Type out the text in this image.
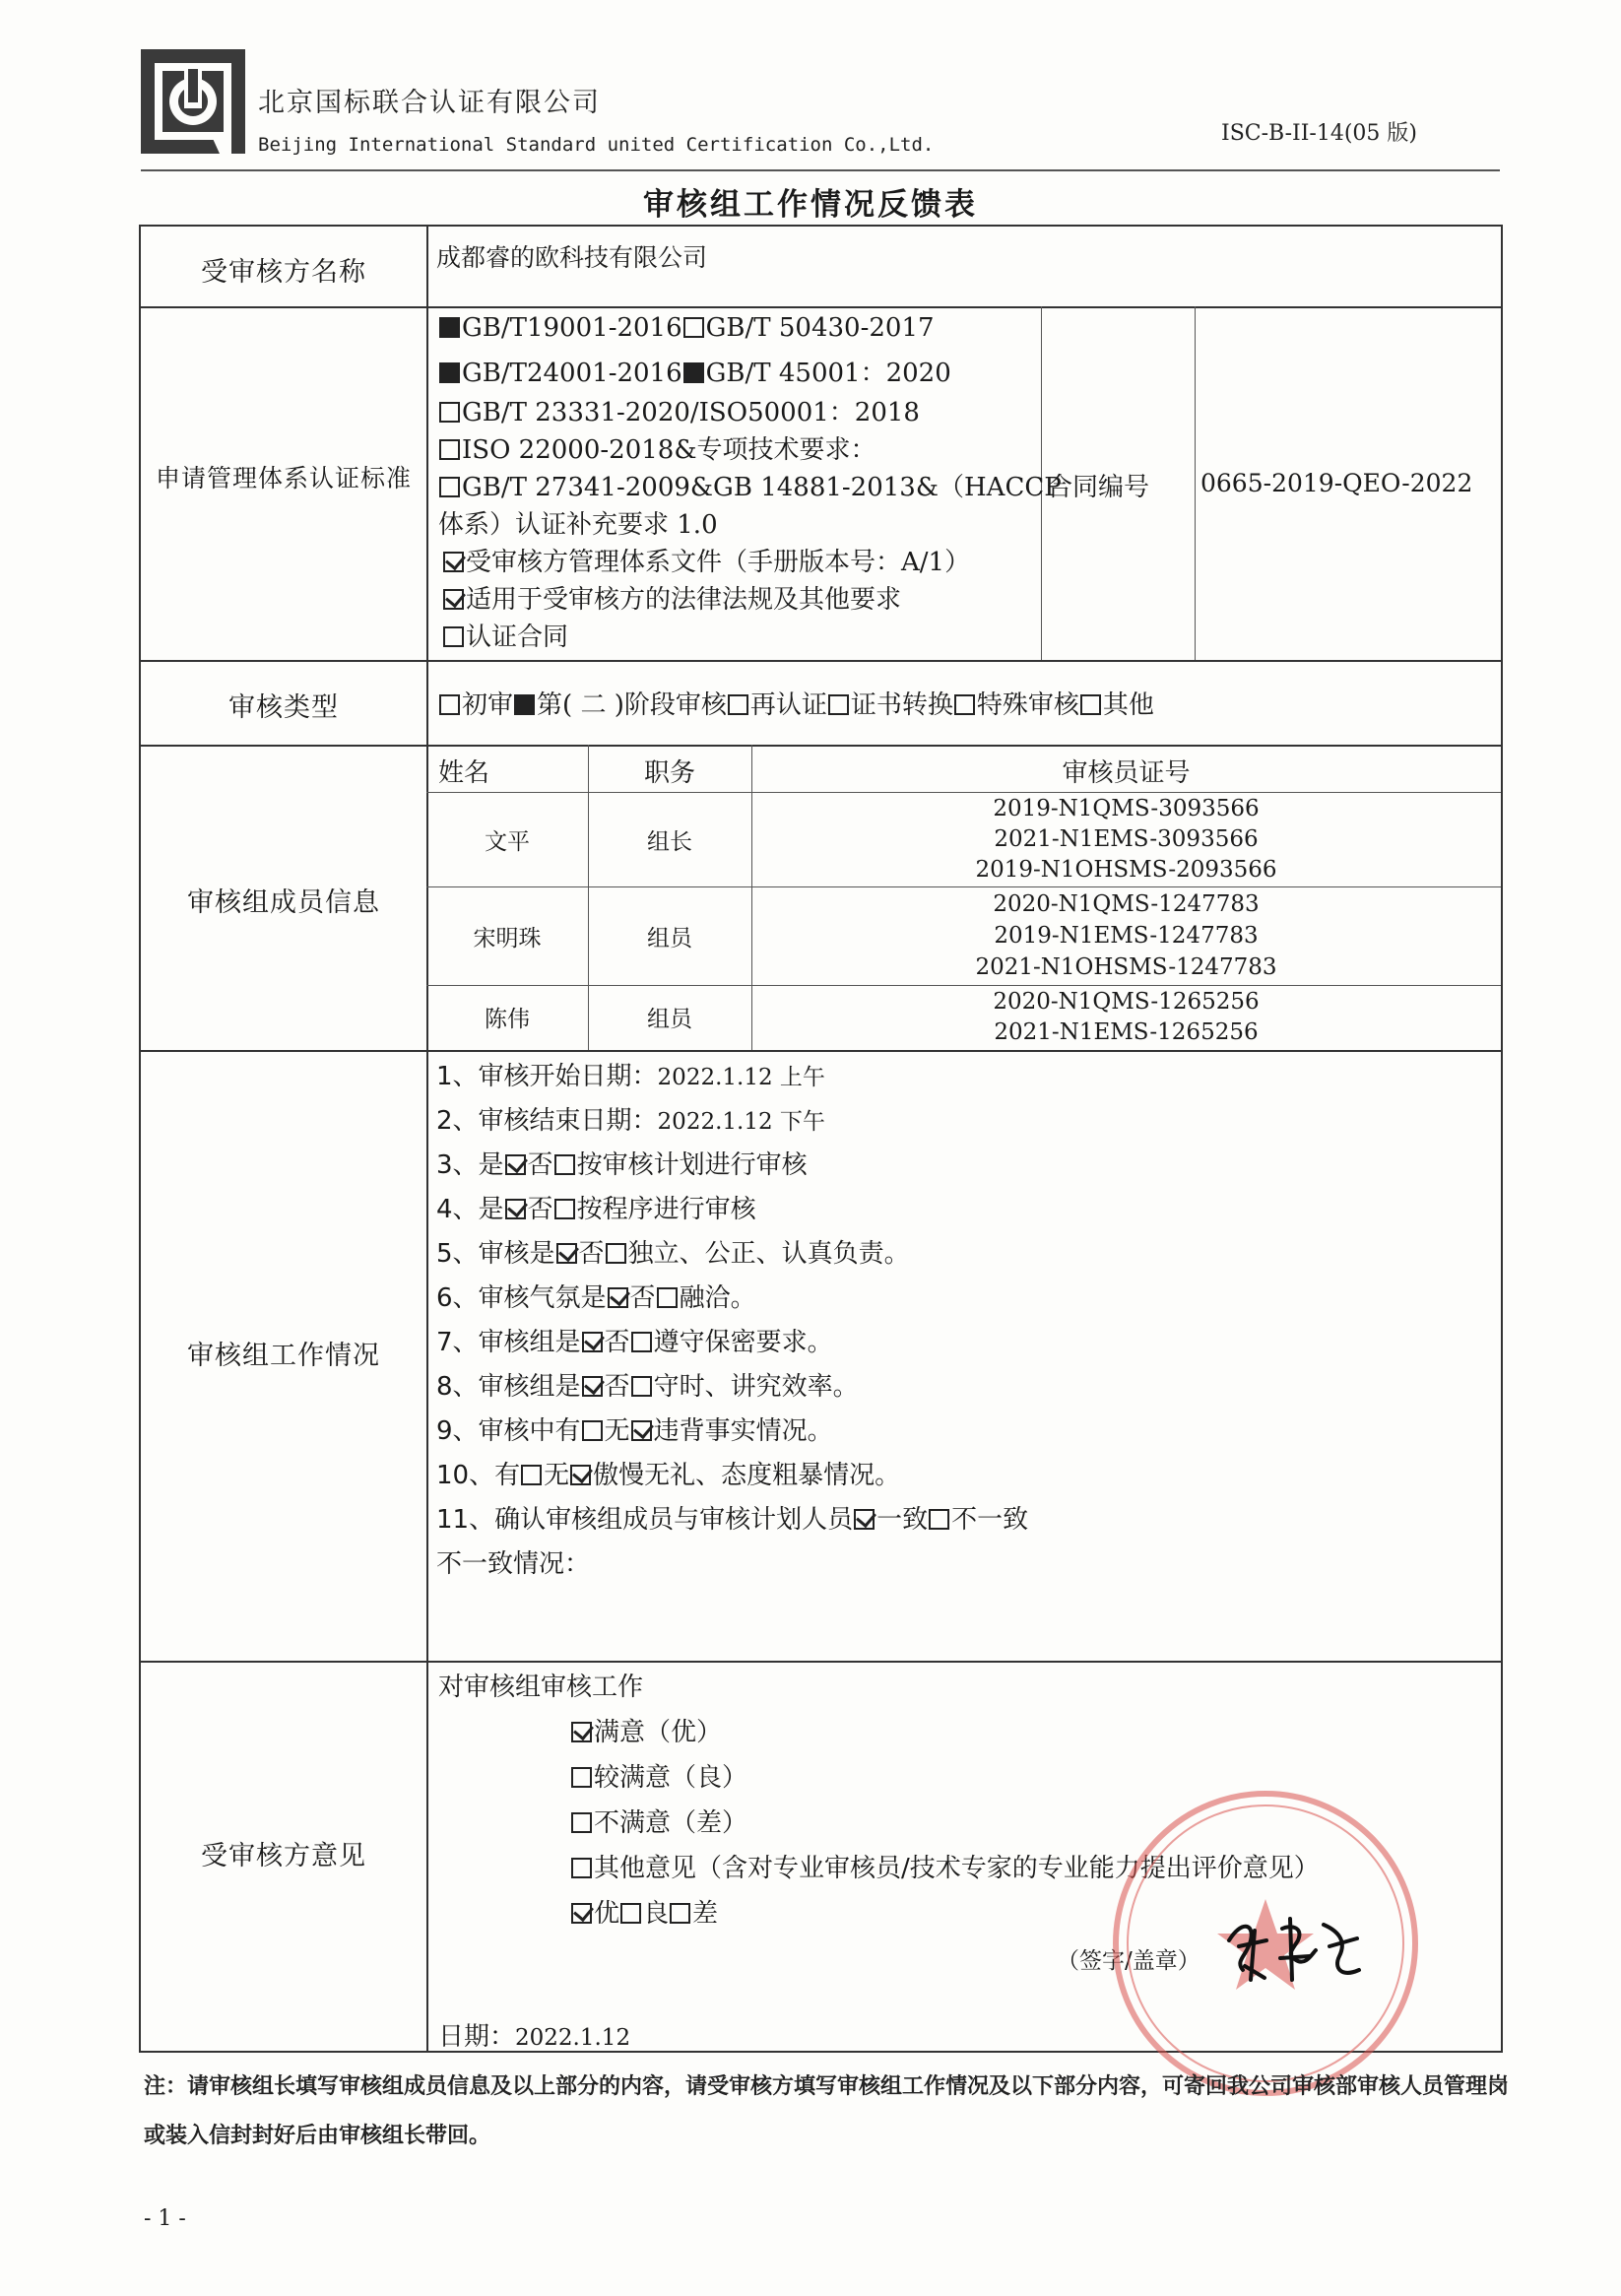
北京国标联合认证有限公司
Beijing International Standard united Certification Co.,Ltd.	ISC-B-II-14(05 版)
审核组工作情况反馈表
受审核方名称	成都睿的欧科技有限公司
申请管理体系认证标准
GB/T19001-2016 GB/T 50430-2017
GB/T24001-2016 GB/T 45001：2020
GB/T 23331-2020/ISO50001：2018
ISO 22000-2018&专项技术要求：
GB/T 27341-2009&GB 14881-2013&（HACCP
体系）认证补充要求 1.0
受审核方管理体系文件（手册版本号：A/1）
适用于受审核方的法律法规及其他要求
认证合同
合同编号 0665-2019-QEO-2022
审核类型	初审 第( 二 )阶段审核 再认证 证书转换 特殊审核 其他
审核组成员信息
姓名	职务	审核员证号
文平	组长
2019-N1QMS-3093566
2021-N1EMS-3093566
2019-N1OHSMS-2093566
宋明珠	组员
2020-N1QMS-1247783
2019-N1EMS-1247783
2021-N1OHSMS-1247783
陈伟	组员
2020-N1QMS-1265256
2021-N1EMS-1265256
审核组工作情况
1、审核开始日期：2022.1.12 上午
2、审核结束日期：2022.1.12 下午
3、是 否 按审核计划进行审核
4、是 否 按程序进行审核
5、审核是 否 独立、公正、认真负责。
6、审核气氛是 否 融洽。
7、审核组是 否 遵守保密要求。
8、审核组是 否 守时、讲究效率。
9、审核中有 无 违背事实情况。
10、有 无 傲慢无礼、态度粗暴情况。
11、确认审核组成员与审核计划人员 一致 不一致
不一致情况：
受审核方意见
对审核组审核工作
满意（优）
较满意（良）
不满意（差）
其他意见（含对专业审核员/技术专家的专业能力提出评价意见）
优 良 差
（签字/盖章）
日期：2022.1.12
注：请审核组长填写审核组成员信息及以上部分的内容，请受审核方填写审核组工作情况及以下部分内容，可寄回我公司审核部审核人员管理岗或装入信封封好后由审核组长带回。
- 1 -
